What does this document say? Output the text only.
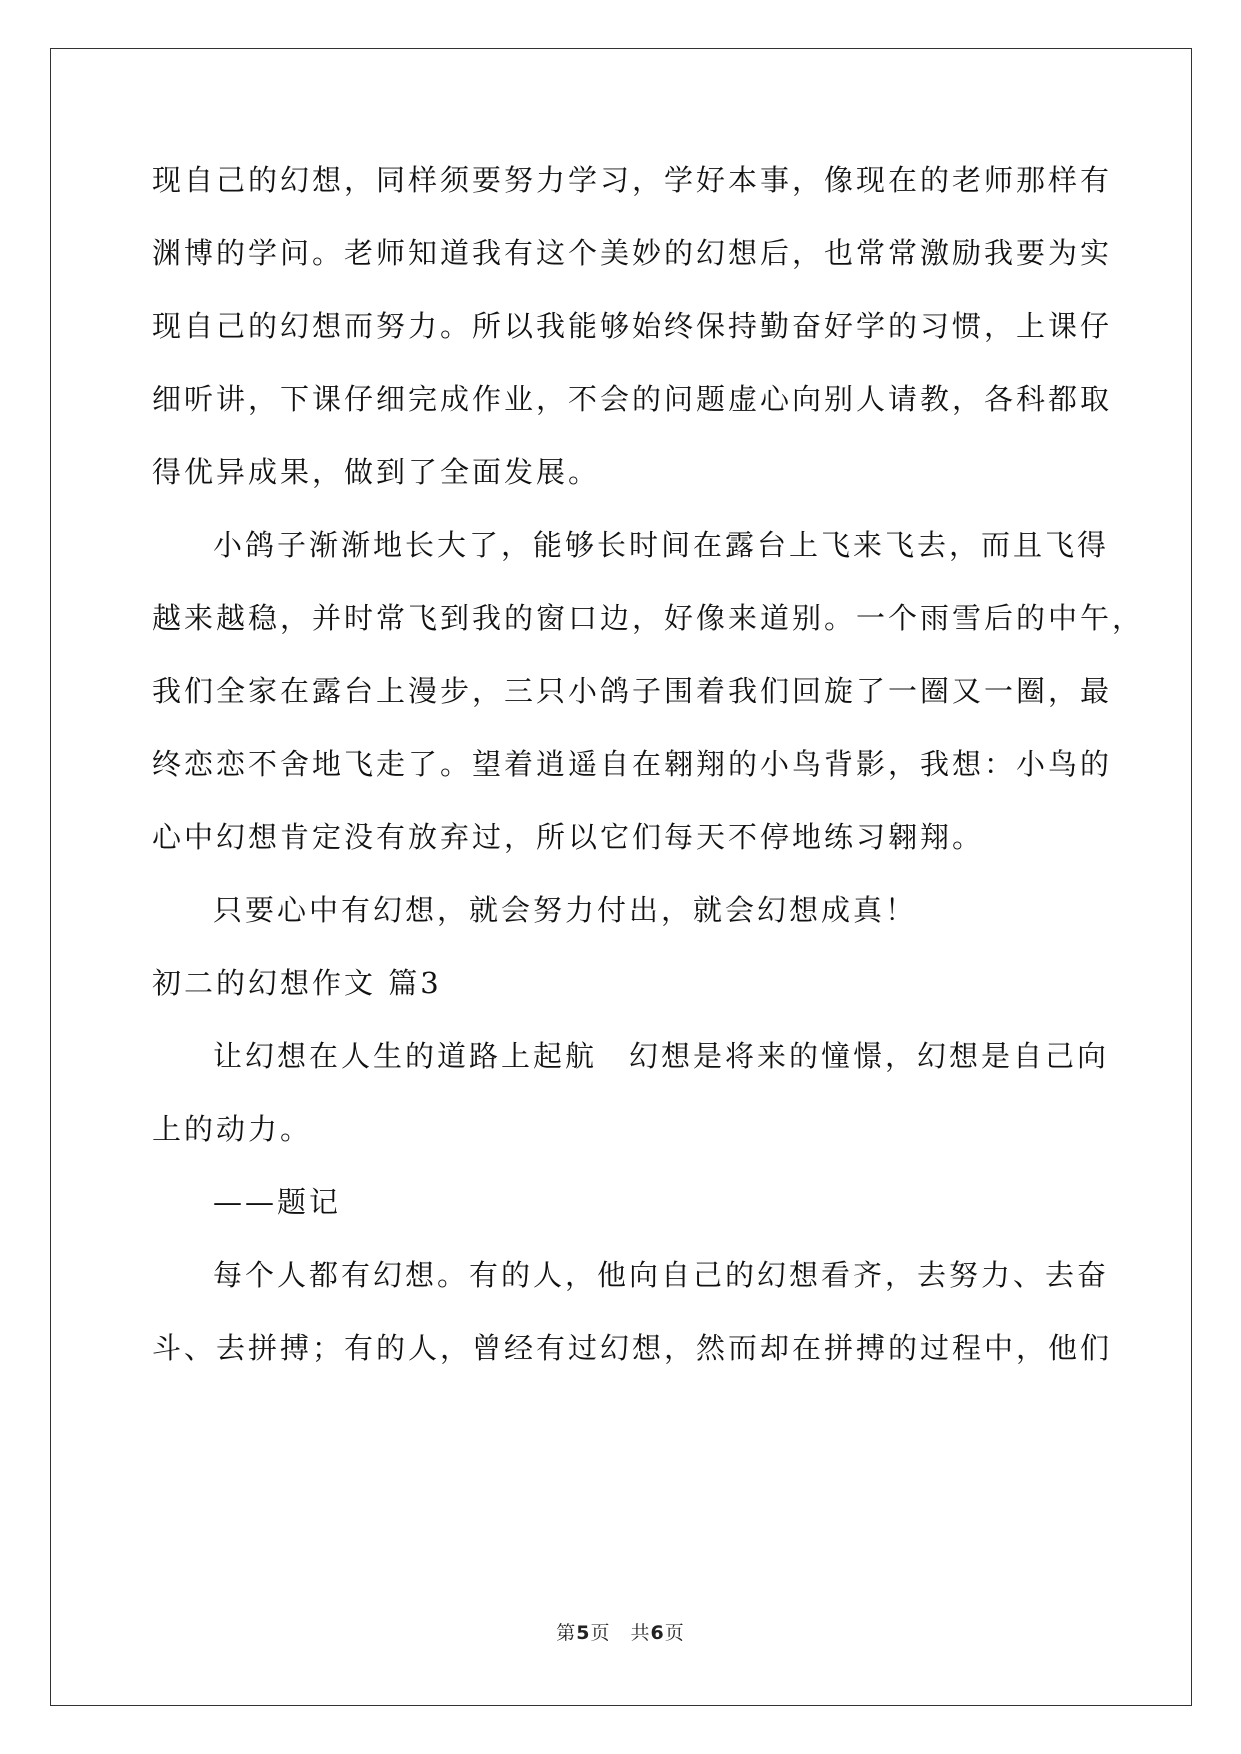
现自己的幻想，同样须要努力学习，学好本事，像现在的老师那样有
渊博的学问。老师知道我有这个美妙的幻想后，也常常激励我要为实
现自己的幻想而努力。所以我能够始终保持勤奋好学的习惯，上课仔
细听讲，下课仔细完成作业，不会的问题虚心向别人请教，各科都取
得优异成果，做到了全面发展。
小鸽子渐渐地长大了，能够长时间在露台上飞来飞去，而且飞得
越来越稳，并时常飞到我的窗口边，好像来道别。一个雨雪后的中午，
我们全家在露台上漫步，三只小鸽子围着我们回旋了一圈又一圈，最
终恋恋不舍地飞走了。望着逍遥自在翱翔的小鸟背影，我想：小鸟的
心中幻想肯定没有放弃过，所以它们每天不停地练习翱翔。
只要心中有幻想，就会努力付出，就会幻想成真！
初二的幻想作文 篇3
让幻想在人生的道路上起航　幻想是将来的憧憬，幻想是自己向
上的动力。
——题记
每个人都有幻想。有的人，他向自己的幻想看齐，去努力、去奋
斗、去拼搏；有的人，曾经有过幻想，然而却在拼搏的过程中，他们
第5页　共6页
